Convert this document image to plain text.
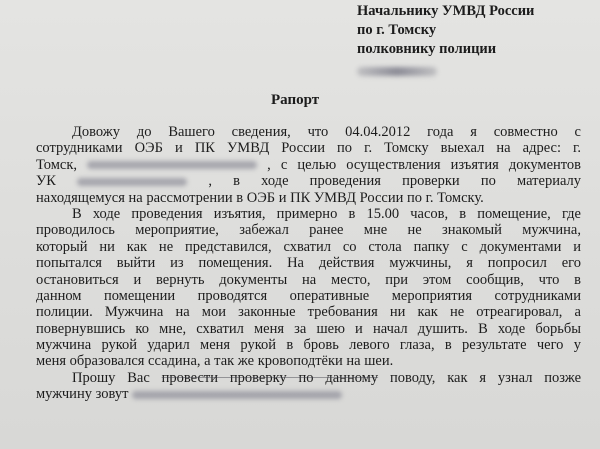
Начальнику УМВД России
по г. Томску
полковнику полиции
Рапорт
Довожу до Вашего сведения, что 04.04.2012 года я совместно с
сотрудниками ОЭБ и ПК УМВД России по г. Томску выехал на адрес: г.
Томск,	, с целью осуществления изъятия документов
УК	, в ходе проведения проверки по материалу
находящемуся на рассмотрении в ОЭБ и ПК УМВД России по г. Томску.
В ходе проведения изъятия, примерно в 15.00 часов, в помещение, где
проводилось мероприятие, забежал ранее мне не знакомый мужчина,
который ни как не представился, схватил со стола папку с документами и
попытался выйти из помещения. На действия мужчины, я попросил его
остановиться и вернуть документы на место, при этом сообщив, что в
данном помещении проводятся оперативные мероприятия сотрудниками
полиции. Мужчина на мои законные требования ни как не отреагировал, а
повернувшись ко мне, схватил меня за шею и начал душить. В ходе борьбы
мужчина рукой ударил меня рукой в бровь левого глаза, в результате чего у
меня образовался ссадина, а так же кровоподтёки на шеи.
Прошу Вас провести проверку по данному поводу, как я узнал позже
мужчину зовут
